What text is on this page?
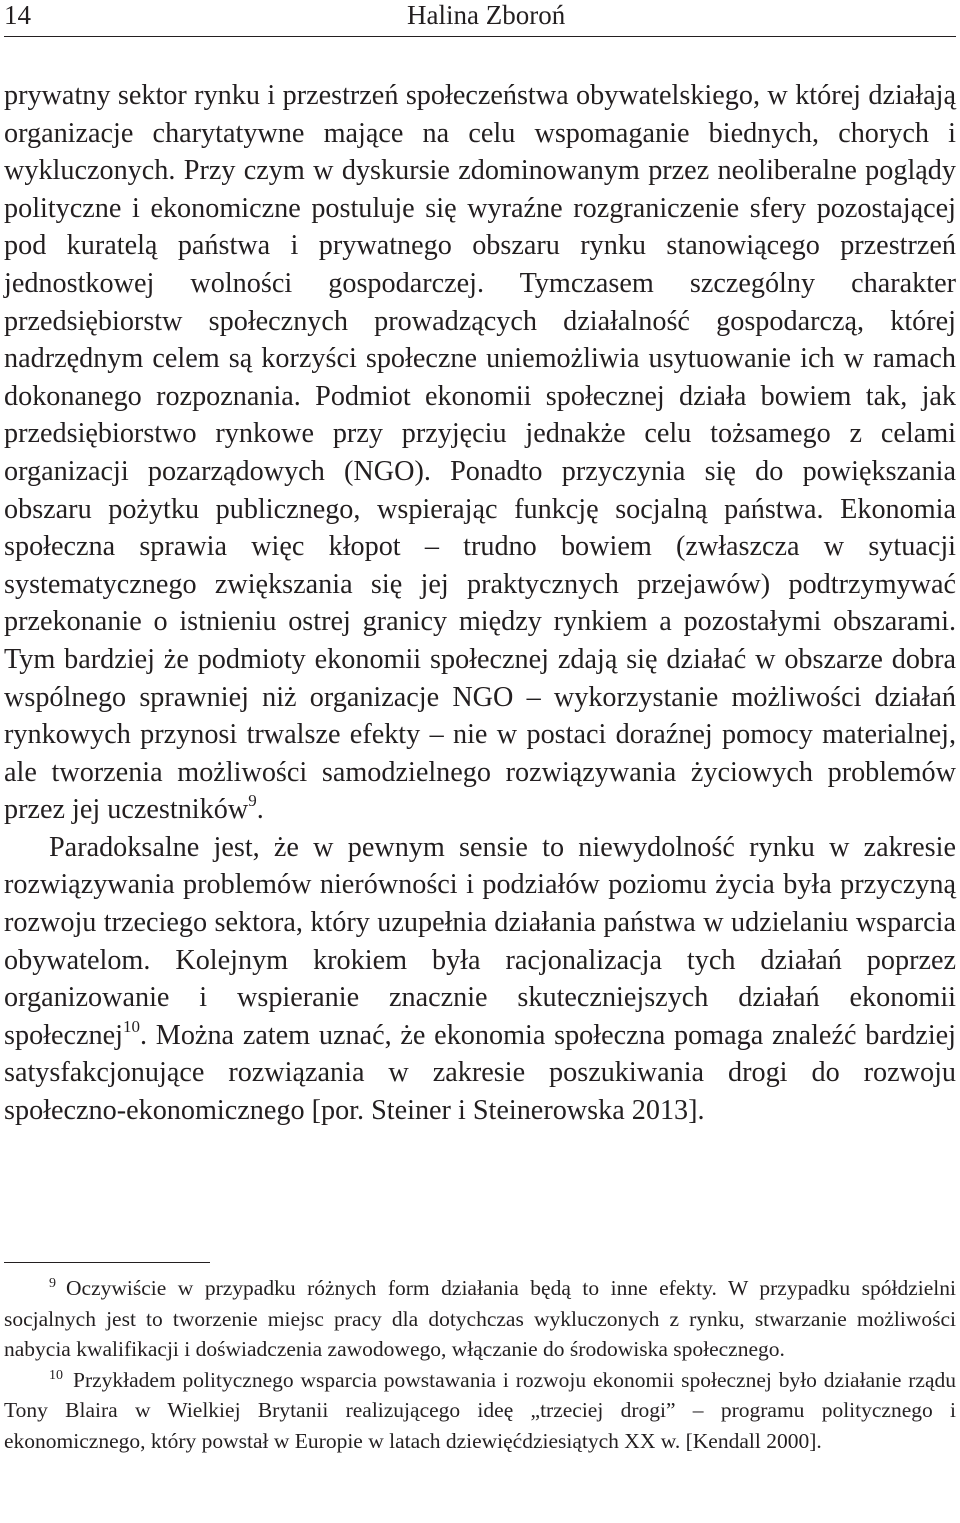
14	Halina Zboroń

prywatny sektor rynku i przestrzeń społeczeństwa obywatelskiego, w której działają organizacje charytatywne mające na celu wspomaganie biednych, chorych i wykluczonych. Przy czym w dyskursie zdominowanym przez neoliberalne poglądy polityczne i ekonomiczne postuluje się wyraźne rozgraniczenie sfery pozostającej pod kuratelą państwa i prywatnego obszaru rynku stanowiącego przestrzeń jednostkowej wolności gospodarczej. Tymczasem szczególny charakter przedsiębiorstw społecznych prowadzących działalność gospodarczą, której nadrzędnym celem są korzyści społeczne uniemożliwia usytuowanie ich w ramach dokonanego rozpoznania. Podmiot ekonomii społecznej działa bowiem tak, jak przedsiębiorstwo rynkowe przy przyjęciu jednakże celu tożsamego z celami organizacji pozarządowych (NGO). Ponadto przyczynia się do powiększania obszaru pożytku publicznego, wspierając funkcję socjalną państwa. Ekonomia społeczna sprawia więc kłopot – trudno bowiem (zwłaszcza w sytuacji systematycznego zwiększania się jej praktycznych przejawów) podtrzymywać przekonanie o istnieniu ostrej granicy między rynkiem a pozostałymi obszarami. Tym bardziej że podmioty ekonomii społecznej zdają się działać w obszarze dobra wspólnego sprawniej niż organizacje NGO – wykorzystanie możliwości działań rynkowych przynosi trwalsze efekty – nie w postaci doraźnej pomocy materialnej, ale tworzenia możliwości samodzielnego rozwiązywania życiowych problemów przez jej uczestników$^9$.

Paradoksalne jest, że w pewnym sensie to niewydolność rynku w zakresie rozwiązywania problemów nierówności i podziałów poziomu życia była przyczyną rozwoju trzeciego sektora, który uzupełnia działania państwa w udzielaniu wsparcia obywatelom. Kolejnym krokiem była racjonalizacja tych działań poprzez organizowanie i wspieranie znacznie skuteczniejszych działań ekonomii społecznej$^{10}$. Można zatem uznać, że ekonomia społeczna pomaga znaleźć bardziej satysfakcjonujące rozwiązania w zakresie poszukiwania drogi do rozwoju społeczno-ekonomicznego [por. Steiner i Steinerowska 2013].

$^9$ Oczywiście w przypadku różnych form działania będą to inne efekty. W przypadku spółdzielni socjalnych jest to tworzenie miejsc pracy dla dotychczas wykluczonych z rynku, stwarzanie możliwości nabycia kwalifikacji i doświadczenia zawodowego, włączanie do środowiska społecznego.

$^{10}$ Przykładem politycznego wsparcia powstawania i rozwoju ekonomii społecznej było działanie rządu Tony Blaira w Wielkiej Brytanii realizującego ideę „trzeciej drogi” – programu politycznego i ekonomicznego, który powstał w Europie w latach dziewięćdziesiątych XX w. [Kendall 2000].
